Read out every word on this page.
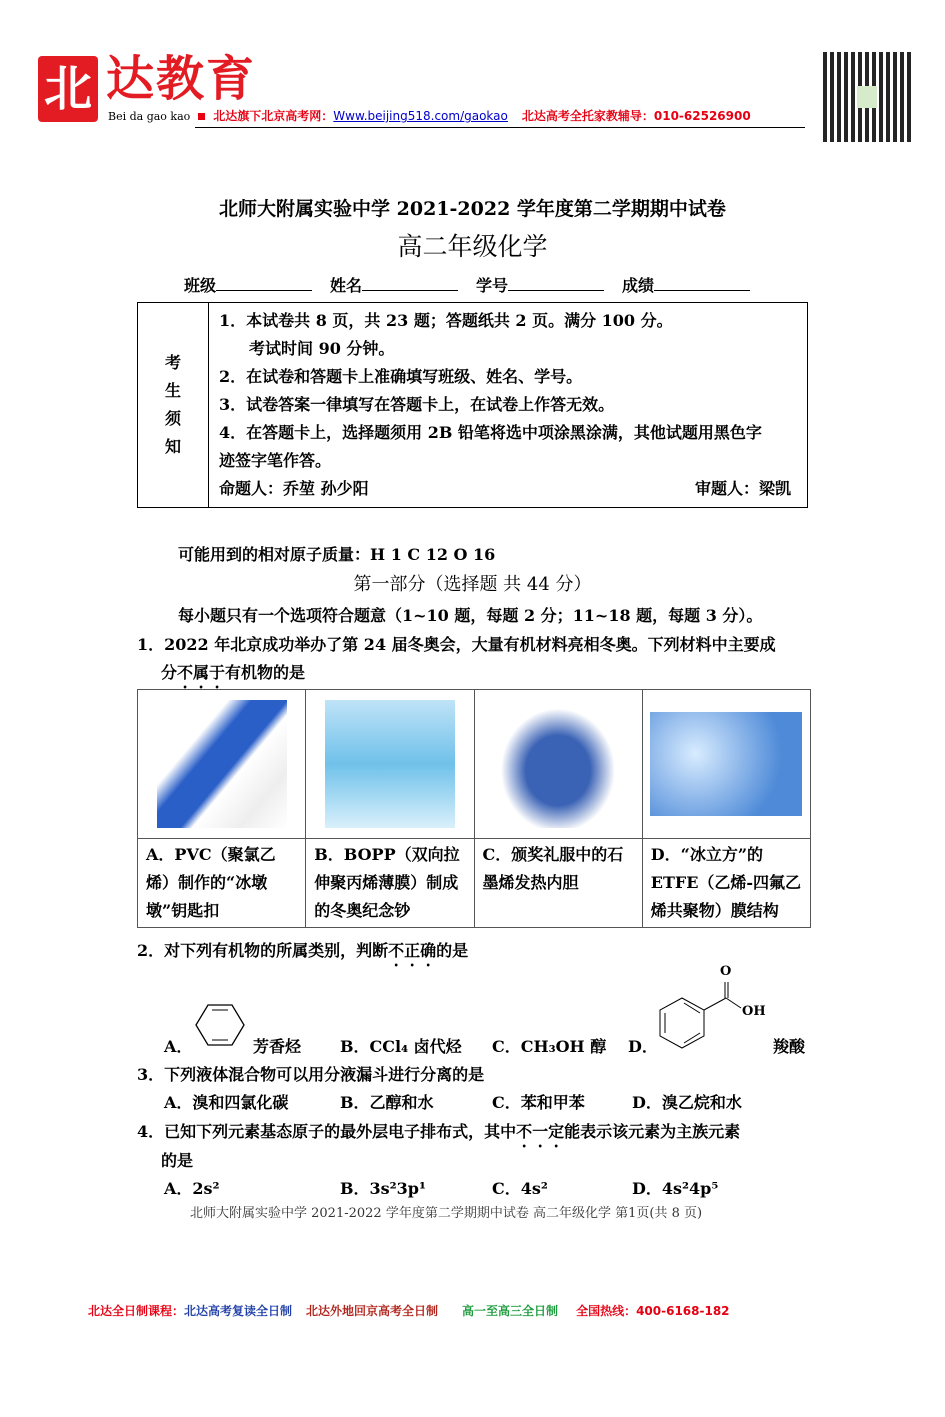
北 达教育
Bei da gao kao 北达旗下北京高考网： Www.beijing518.com/gaokao 北达高考全托家教辅导：010-62526900
北师大附属实验中学 2021-2022 学年度第二学期期中试卷
高二年级化学
班级	姓名	学号	成绩
考
生
须
知

1．本试卷共 8 页，共 23 题；答题纸共 2 页。满分 100 分。
考试时间 90 分钟。
2．在试卷和答题卡上准确填写班级、姓名、学号。
3．试卷答案一律填写在答题卡上，在试卷上作答无效。
4．在答题卡上，选择题须用 2B 铅笔将选中项涂黑涂满，其他试题用黑色字
迹签字笔作答。
命题人：乔堃 孙少阳	审题人：梁凯
可能用到的相对原子质量：H 1 C 12 O 16
第一部分（选择题 共 44 分）
每小题只有一个选项符合题意（1~10 题，每题 2 分；11~18 题，每题 3 分）。
1．2022 年北京成功举办了第 24 届冬奥会，大量有机材料亮相冬奥。下列材料中主要成
分不属于有机物的是

A．PVC（聚氯乙烯）制作的“冰墩墩”钥匙扣	B．BOPP（双向拉伸聚丙烯薄膜）制成的冬奥纪念钞	C．颁奖礼服中的石墨烯发热内胆	D．“冰立方”的ETFE（乙烯-四氟乙烯共聚物）膜结构
2．对下列有机物的所属类别，判断不正确的是
A．	芳香烃 B．CCl₄ 卤代烃 C．CH₃OH 醇 D．
O
OH
羧酸
3．下列液体混合物可以用分液漏斗进行分离的是
A．溴和四氯化碳	B．乙醇和水	C．苯和甲苯	D．溴乙烷和水
4．已知下列元素基态原子的最外层电子排布式，其中不一定能表示该元素为主族元素
的是
A．2s²	B．3s²3p¹	C．4s²	D．4s²4p⁵
北师大附属实验中学 2021-2022 学年度第二学期期中试卷 高二年级化学 第1页(共 8 页)
北达全日制课程：北达高考复读全日制 北达外地回京高考全日制 高一至高三全日制 全国热线：400-6168-182
